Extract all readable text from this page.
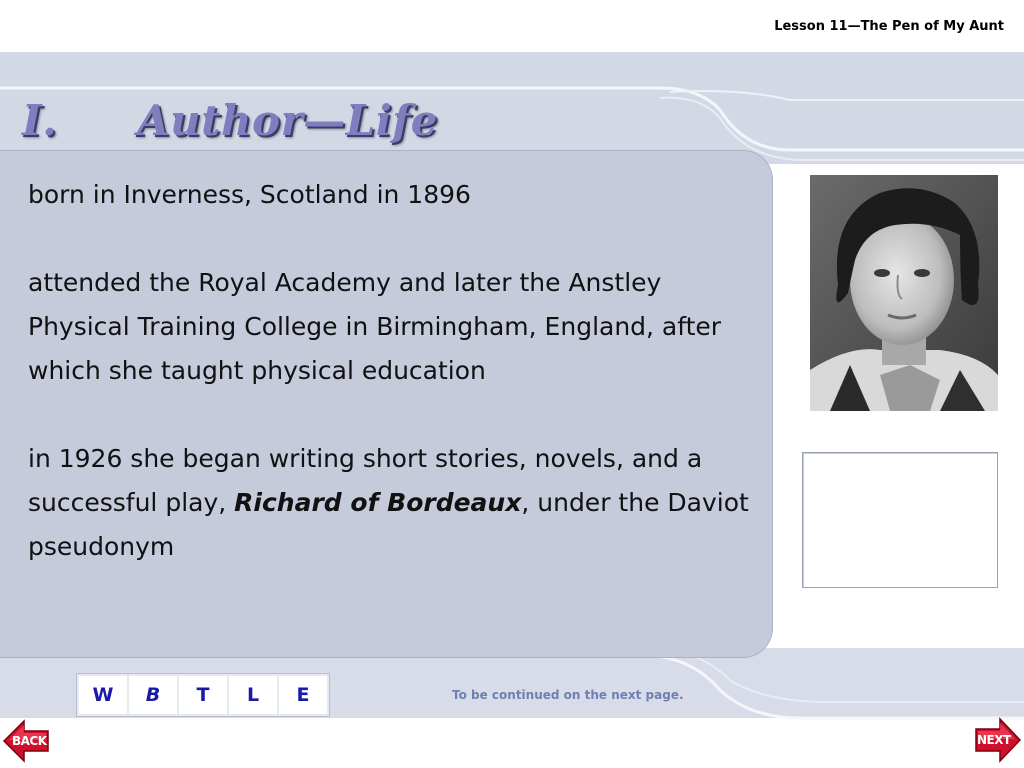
Lesson 11—The Pen of My Aunt
I. Author—Life

born in Inverness, Scotland in 1896

attended the Royal Academy and later the Anstley Physical Training College in Birmingham, England, after which she taught physical education

in 1926 she began writing short stories, novels, and a successful play, Richard of Bordeaux, under the Daviot pseudonym

W	B	T	L	E	To be continued on the next page.
BACK	NEXT
